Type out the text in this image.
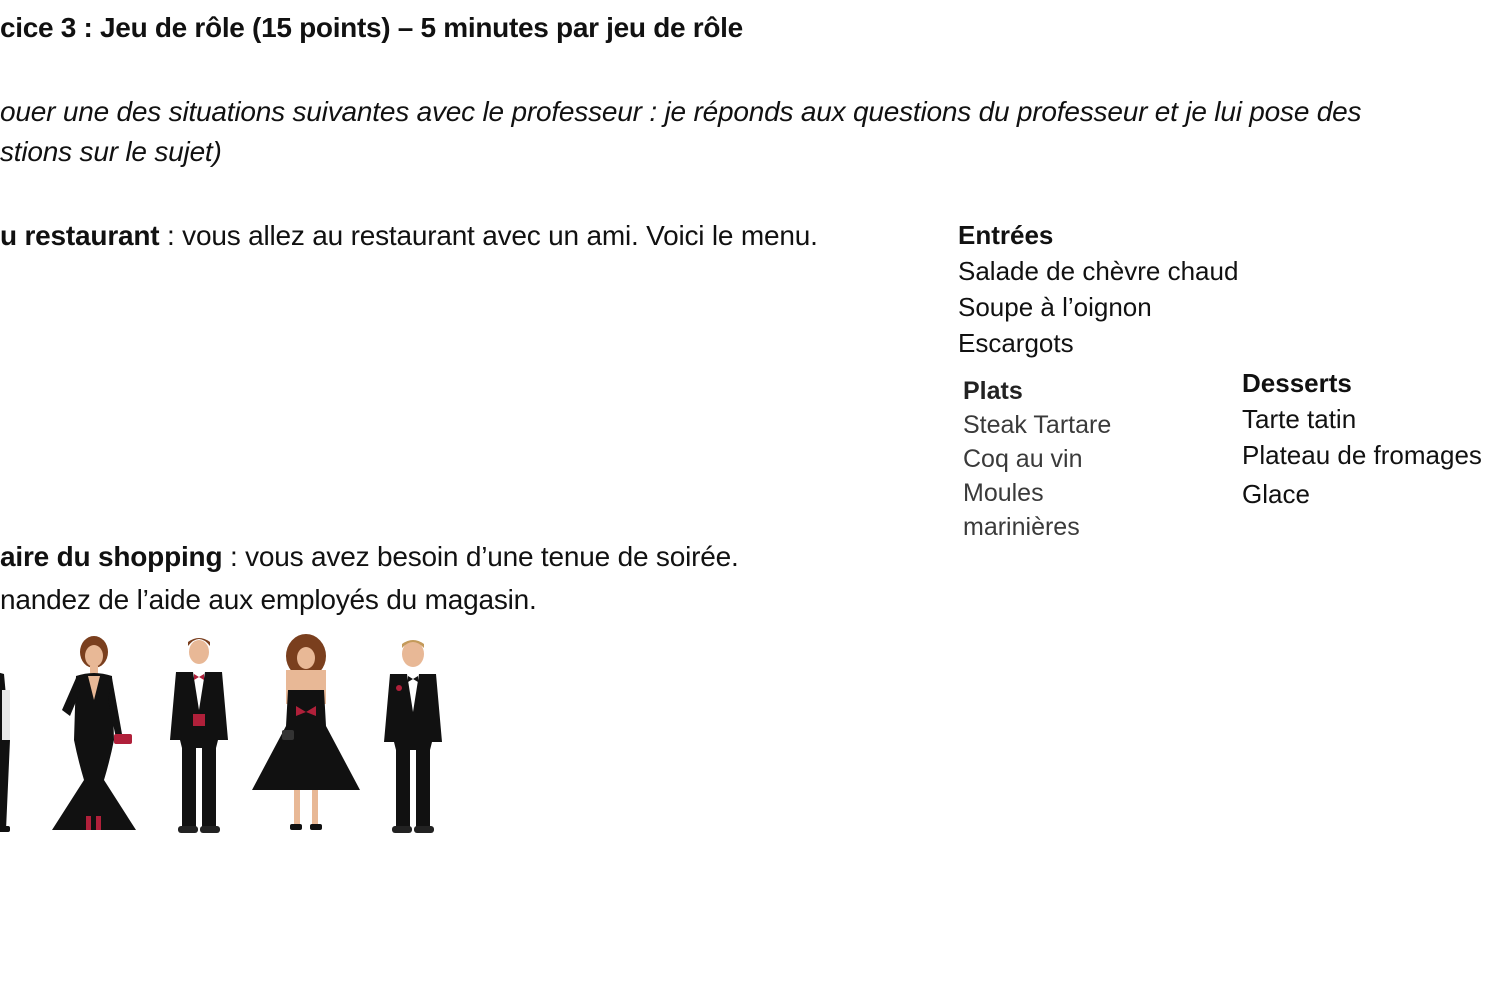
cice 3 : Jeu de rôle (15 points) – 5 minutes par jeu de rôle
ouer une des situations suivantes avec le professeur : je réponds aux questions du professeur et je lui pose des
stions sur le sujet)
u restaurant : vous allez au restaurant avec un ami. Voici le menu.	Entrées
Salade de chèvre chaud
Soupe à l’oignon
Escargots
Plats
Steak Tartare
Coq au vin
Moules
marinières
Desserts
Tarte tatin
Plateau de fromages
Glace
aire du shopping : vous avez besoin d’une tenue de soirée.
nandez de l’aide aux employés du magasin.
